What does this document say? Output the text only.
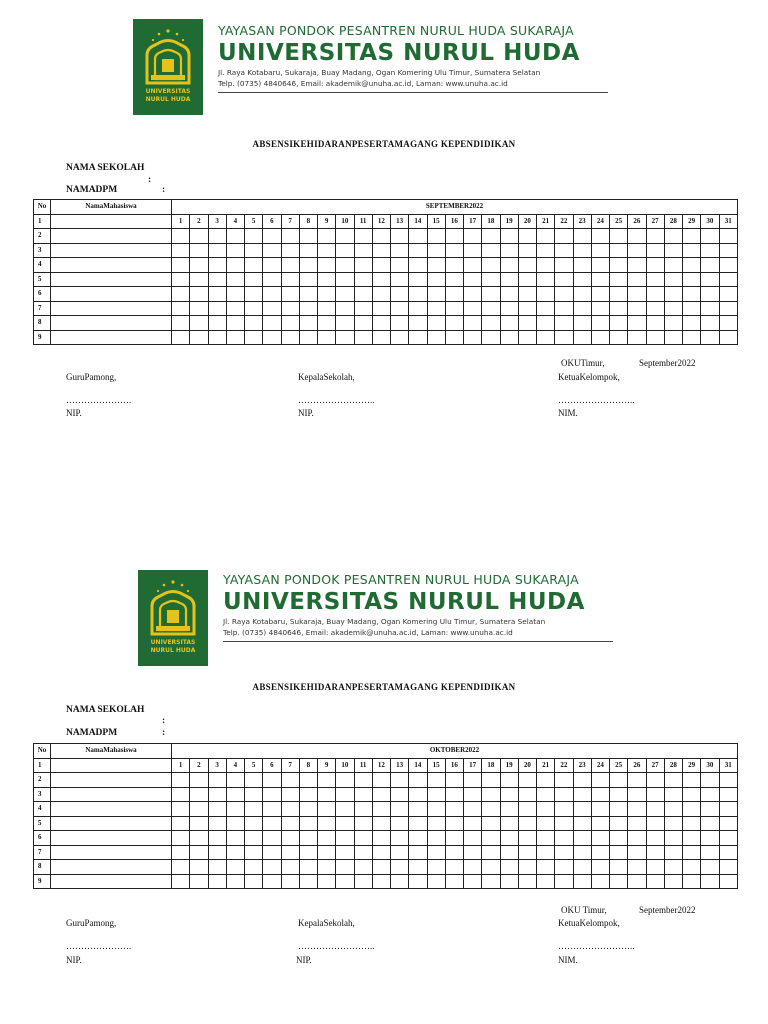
UNIVERSITAS
NURUL HUDA
YAYASAN PONDOK PESANTREN NURUL HUDA SUKARAJA
UNIVERSITAS NURUL HUDA
Jl. Raya Kotabaru, Sukaraja, Buay Madang, Ogan Komering Ulu Timur, Sumatera Selatan
Telp. (0735) 4840646, Email: akademik@unuha.ac.id, Laman: www.unuha.ac.id
ABSENSIKEHIDARANPESERTAMAGANG KEPENDIDIKAN
NAMA SEKOLAH
:
NAMADPM	:
No	NamaMahasiswa	SEPTEMBER2022																														
1		1	2	3	4	5	6	7	8	9	10	11	12	13	14	15	16	17	18	19	20	21	22	23	24	25	26	27	28	29	30	31
2																																
3																																
4																																
5																																
6																																
7																																
8																																
9																																
OKUTimur,	September2022
GuruPamong,	KepalaSekolah,	KetuaKelompok,
………………….	……………………..	……………………..
NIP.	NIP.	NIM.
UNIVERSITAS
NURUL HUDA
YAYASAN PONDOK PESANTREN NURUL HUDA SUKARAJA
UNIVERSITAS NURUL HUDA
Jl. Raya Kotabaru, Sukaraja, Buay Madang, Ogan Komering Ulu Timur, Sumatera Selatan
Telp. (0735) 4840646, Email: akademik@unuha.ac.id, Laman: www.unuha.ac.id
ABSENSIKEHIDARANPESERTAMAGANG KEPENDIDIKAN
NAMA SEKOLAH
:
NAMADPM	:
No	NamaMahasiswa	OKTOBER2022																														
1		1	2	3	4	5	6	7	8	9	10	11	12	13	14	15	16	17	18	19	20	21	22	23	24	25	26	27	28	29	30	31
2																																
3																																
4																																
5																																
6																																
7																																
8																																
9																																
OKU Timur,	September2022
GuruPamong,	KepalaSekolah,	KetuaKelompok,
………………….	……………………..	……………………..
NIP.	NIP.	NIM.
